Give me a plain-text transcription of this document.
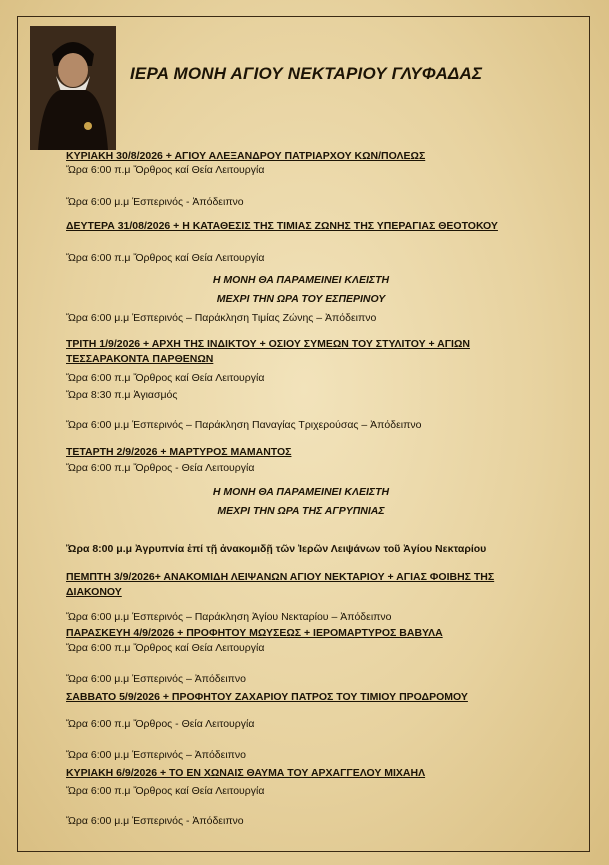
ΙΕΡΑ ΜΟΝΗ ΑΓΙΟΥ ΝΕΚΤΑΡΙΟΥ ΓΛΥΦΑΔΑΣ
ΚΥΡΙΑΚΗ 30/8/2026 + ΑΓΙΟΥ ΑΛΕΞΑΝΔΡΟΥ ΠΑΤΡΙΑΡΧΟΥ ΚΩΝ/ΠΟΛΕΩΣ
Ὥρα 6:00 π.μ Ὄρθρος καί Θεία Λειτουργία
Ὥρα 6:00 μ.μ Ἑσπερινός - Ἀπόδειπνο
ΔΕΥΤΕΡΑ 31/08/2026 + Η ΚΑΤΑΘΕΣΙΣ ΤΗΣ ΤΙΜΙΑΣ ΖΩΝΗΣ ΤΗΣ ΥΠΕΡΑΓΙΑΣ ΘΕΟΤΟΚΟΥ
Ὥρα 6:00 π.μ Ὄρθρος καί Θεία Λειτουργία
Η ΜΟΝΗ ΘΑ ΠΑΡΑΜΕΙΝΕΙ ΚΛΕΙΣΤΗ
ΜΕΧΡΙ ΤΗΝ ΩΡΑ ΤΟΥ ΕΣΠΕΡΙΝΟΥ
Ὥρα 6:00 μ.μ Ἑσπερινός – Παράκληση Τιμίας Ζώνης – Ἀπόδειπνο
ΤΡΙΤΗ 1/9/2026 + ΑΡΧΗ ΤΗΣ ΙΝΔΙΚΤΟΥ + ΟΣΙΟΥ ΣΥΜΕΩΝ ΤΟΥ ΣΤΥΛΙΤΟΥ + ΑΓΙΩΝ
ΤΕΣΣΑΡΑΚΟΝΤΑ ΠΑΡΘΕΝΩΝ
Ὥρα 6:00 π.μ Ὄρθρος καί Θεία Λειτουργία
Ὥρα 8:30 π.μ Ἁγιασμός
Ὥρα 6:00 μ.μ Ἑσπερινός – Παράκληση Παναγίας Τριχερούσας – Ἀπόδειπνο
ΤΕΤΑΡΤΗ 2/9/2026 + ΜΑΡΤΥΡΟΣ ΜΑΜΑΝΤΟΣ
Ὥρα 6:00 π.μ Ὄρθρος - Θεία Λειτουργία
Η ΜΟΝΗ ΘΑ ΠΑΡΑΜΕΙΝΕΙ ΚΛΕΙΣΤΗ
ΜΕΧΡΙ ΤΗΝ ΩΡΑ ΤΗΣ ΑΓΡΥΠΝΙΑΣ
Ὥρα 8:00 μ.μ Ἀγρυπνία ἐπί τῇ ἀνακομιδῇ τῶν Ἱερῶν Λειψάνων τοῦ Ἁγίου Νεκταρίου
ΠΕΜΠΤΗ 3/9/2026+ ΑΝΑΚΟΜΙΔΗ ΛΕΙΨΑΝΩΝ ΑΓΙΟΥ ΝΕΚΤΑΡΙΟΥ + ΑΓΙΑΣ ΦΟΙΒΗΣ ΤΗΣ
ΔΙΑΚΟΝΟΥ
Ὥρα 6:00 μ.μ Ἑσπερινός – Παράκληση Ἁγίου Νεκταρίου – Ἀπόδειπνο
ΠΑΡΑΣΚΕΥΗ 4/9/2026 + ΠΡΟΦΗΤΟΥ ΜΩΥΣΕΩΣ + ΙΕΡΟΜΑΡΤΥΡΟΣ ΒΑΒΥΛΑ
Ὥρα 6:00 π.μ Ὄρθρος καί Θεία Λειτουργία
Ὥρα 6:00 μ.μ Ἑσπερινός – Ἀπόδειπνο
ΣΑΒΒΑΤΟ 5/9/2026 + ΠΡΟΦΗΤΟΥ ΖΑΧΑΡΙΟΥ ΠΑΤΡΟΣ ΤΟΥ ΤΙΜΙΟΥ ΠΡΟΔΡΟΜΟΥ
Ὥρα 6:00 π.μ Ὄρθρος - Θεία Λειτουργία
Ὥρα 6:00 μ.μ Ἑσπερινός – Ἀπόδειπνο
ΚΥΡΙΑΚΗ 6/9/2026 + ΤΟ ΕΝ ΧΩΝΑΙΣ ΘΑΥΜΑ ΤΟΥ ΑΡΧΑΓΓΕΛΟΥ ΜΙΧΑΗΛ
Ὥρα 6:00 π.μ Ὄρθρος καί Θεία Λειτουργία
Ὥρα 6:00 μ.μ Ἑσπερινός - Ἀπόδειπνο
